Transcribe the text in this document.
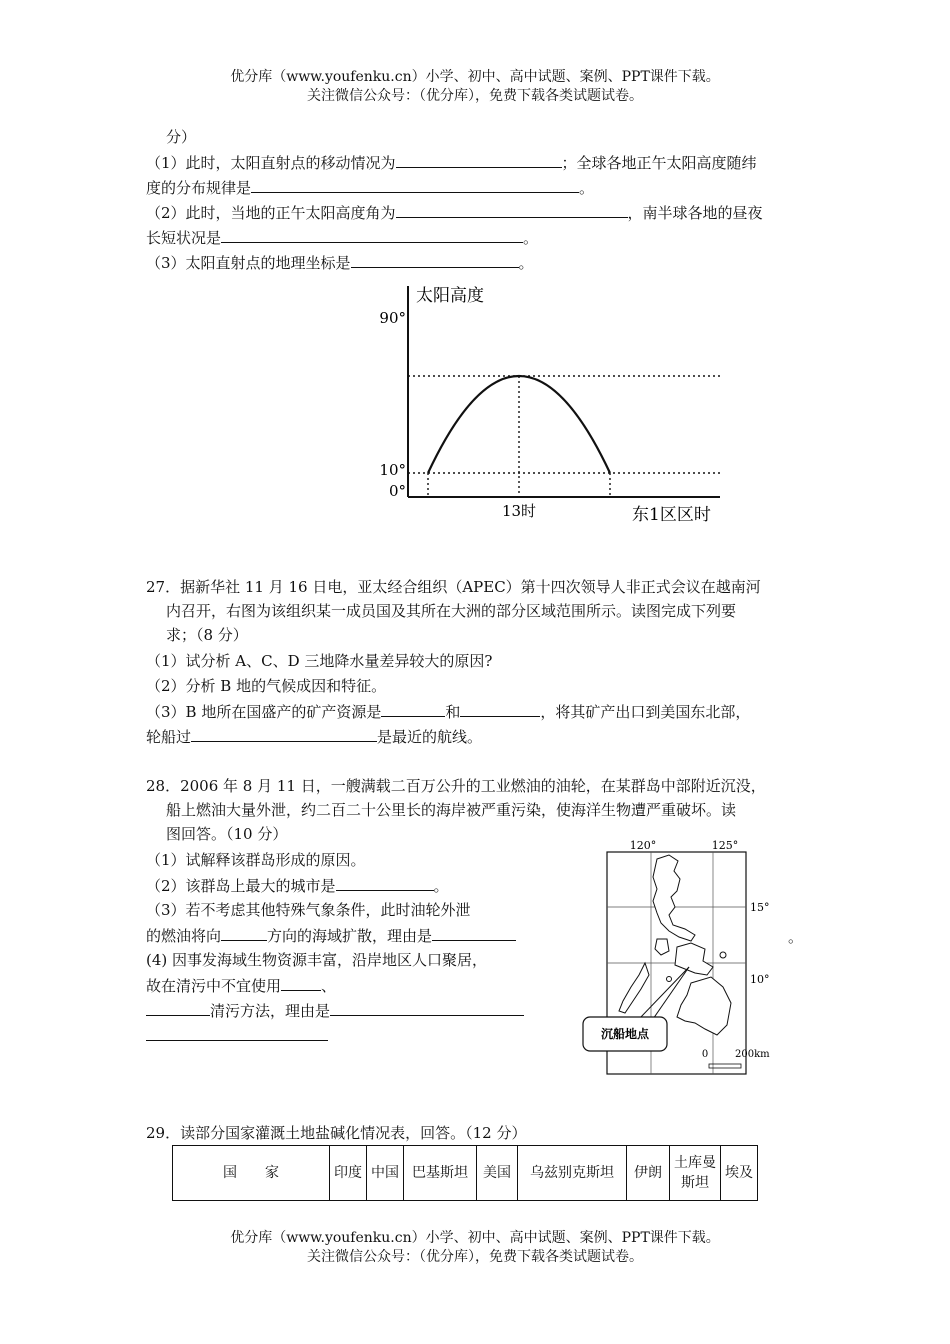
优分库（www.youfenku.cn）小学、初中、高中试题、案例、PPT课件下载。
关注微信公众号：（优分库），免费下载各类试题试卷。
分）
（1）此时，太阳直射点的移动情况为	；全球各地正午太阳高度随纬
度的分布规律是	。
（2）此时，当地的正午太阳高度角为	，南半球各地的昼夜
长短状况是	。
（3）太阳直射点的地理坐标是	。
太阳高度
东1区区时
90°
10°
0°
13时
27．据新华社 11 月 16 日电，亚太经合组织（APEC）第十四次领导人非正式会议在越南河
内召开，右图为该组织某一成员国及其所在大洲的部分区域范围所示。读图完成下列要
求；（8 分）
（1）试分析 A、C、D 三地降水量差异较大的原因?
（2）分析 B 地的气候成因和特征。
（3）B 地所在国盛产的矿产资源是	和	，将其矿产出口到美国东北部，
轮船过	是最近的航线。
28．2006 年 8 月 11 日，一艘满载二百万公升的工业燃油的油轮，在某群岛中部附近沉没，
船上燃油大量外泄，约二百二十公里长的海岸被严重污染，使海洋生物遭严重破坏。读
图回答。（10 分）
（1）试解释该群岛形成的原因。
（2）该群岛上最大的城市是	。
（3）若不考虑其他特殊气象条件，此时油轮外泄
的燃油将向	方向的海域扩散，理由是
(4) 因事发海域生物资源丰富，沿岸地区人口聚居，
故在清污中不宜使用	、
清污方法，理由是
。
120°	125°
15°
10°
沉船地点
0	200km
29．读部分国家灌溉土地盐碱化情况表，回答。（12 分）
国　　家	印度	中国	巴基斯坦	美国	乌兹别克斯坦	伊朗	土库曼斯坦	埃及
优分库（www.youfenku.cn）小学、初中、高中试题、案例、PPT课件下载。
关注微信公众号：（优分库），免费下载各类试题试卷。
